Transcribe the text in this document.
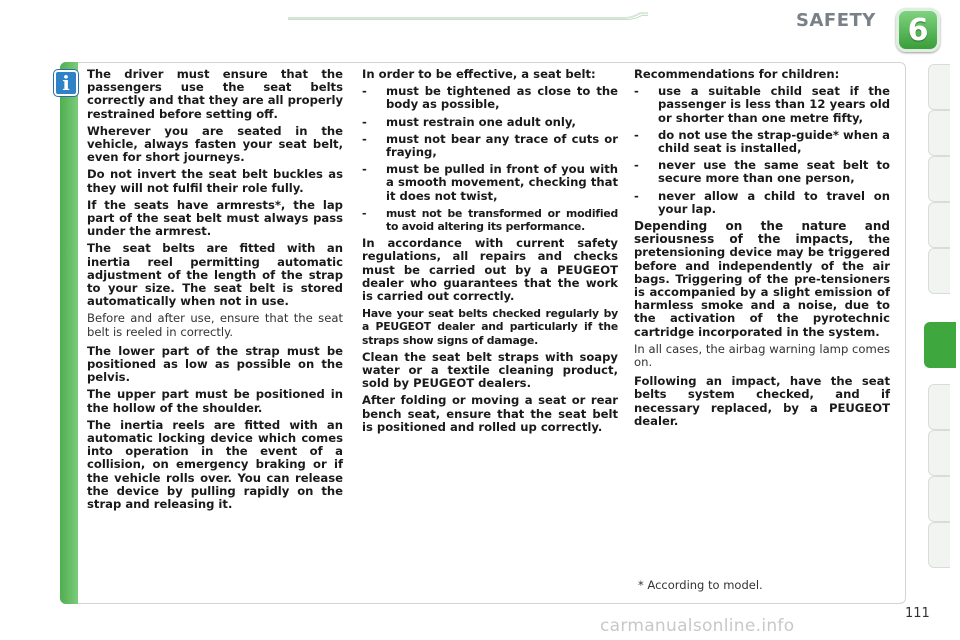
SAFETY 6
i	The driver must ensure that the passengers use the seat belts correctly and that they are all properly restrained before setting off.

Wherever you are seated in the vehicle, always fasten your seat belt, even for short journeys.

Do not invert the seat belt buckles as they will not fulfil their role fully.

If the seats have armrests*, the lap part of the seat belt must always pass under the armrest.

The seat belts are fitted with an inertia reel permitting automatic adjustment of the length of the strap to your size. The seat belt is stored automatically when not in use.

Before and after use, ensure that the seat belt is reeled in correctly.

The lower part of the strap must be positioned as low as possible on the pelvis.

The upper part must be positioned in the hollow of the shoulder.

The inertia reels are fitted with an automatic locking device which comes into operation in the event of a collision, on emergency braking or if the vehicle rolls over. You can release the device by pulling rapidly on the strap and releasing it.

In order to be effective, a seat belt:

-	must be tightened as close to the body as possible,
-	must restrain one adult only,
-	must not bear any trace of cuts or fraying,
-	must be pulled in front of you with a smooth movement, checking that it does not twist,
-	must not be transformed or modified to avoid altering its performance.

In accordance with current safety regulations, all repairs and checks must be carried out by a PEUGEOT dealer who guarantees that the work is carried out correctly.

Have your seat belts checked regularly by a PEUGEOT dealer and particularly if the straps show signs of damage.

Clean the seat belt straps with soapy water or a textile cleaning product, sold by PEUGEOT dealers.

After folding or moving a seat or rear bench seat, ensure that the seat belt is positioned and rolled up correctly.

Recommendations for children:

-	use a suitable child seat if the passenger is less than 12 years old or shorter than one metre fifty,
-	do not use the strap-guide* when a child seat is installed,
-	never use the same seat belt to secure more than one person,
-	never allow a child to travel on your lap.

Depending on the nature and seriousness of the impacts, the pretensioning device may be triggered before and independently of the air bags. Triggering of the pre-tensioners is accompanied by a slight emission of harmless smoke and a noise, due to the activation of the pyrotechnic cartridge incorporated in the system.

In all cases, the airbag warning lamp comes on.

Following an impact, have the seat belts system checked, and if necessary replaced, by a PEUGEOT dealer.

* According to model.
111
carmanualsonline.info
